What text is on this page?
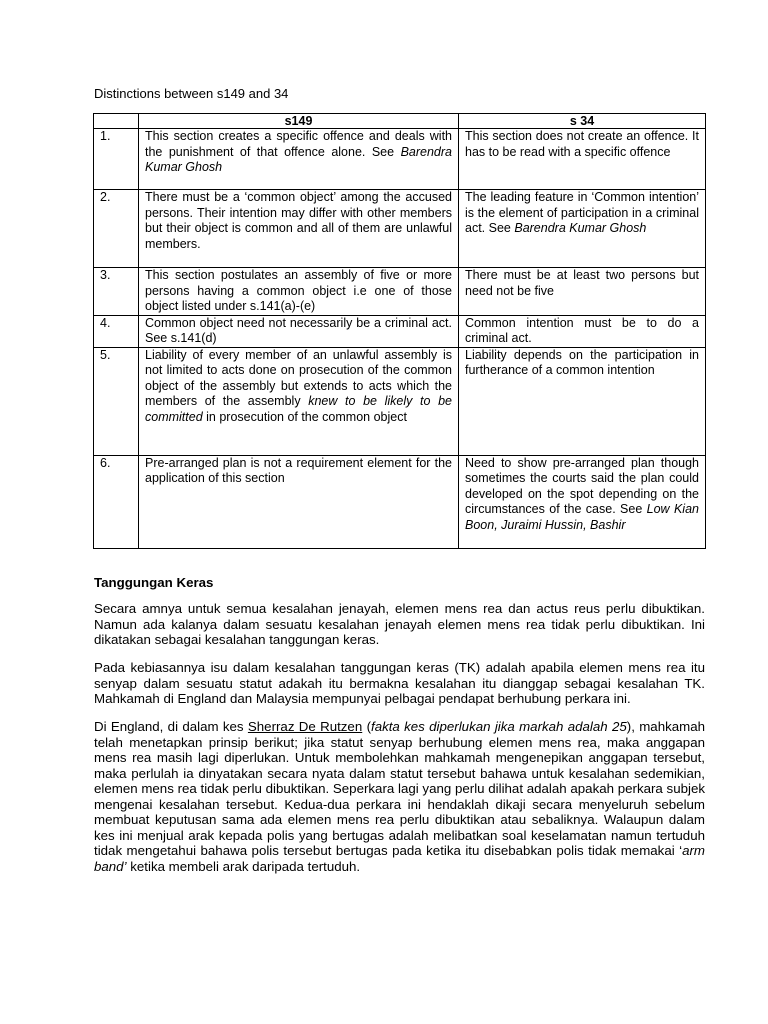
Distinctions between s149 and 34
	s149	s 34
1.	This section creates a specific offence and deals with the punishment of that offence alone. See Barendra Kumar Ghosh	This section does not create an offence. It has to be read with a specific offence
2.	There must be a ‘common object’ among the accused persons. Their intention may differ with other members but their object is common and all of them are unlawful members.	The leading feature in ‘Common intention’ is the element of participation in a criminal act. See Barendra Kumar Ghosh
3.	This section postulates an assembly of five or more persons having a common object i.e one of those object listed under s.141(a)-(e)	There must be at least two persons but need not be five
4.	Common object need not necessarily be a criminal act. See s.141(d)	Common intention must be to do a criminal act.
5.	Liability of every member of an unlawful assembly is not limited to acts done on prosecution of the common object of the assembly but extends to acts which the members of the assembly knew to be likely to be committed in prosecution of the common object	Liability depends on the participation in furtherance of a common intention
6.	Pre-arranged plan is not a requirement element for the application of this section	Need to show pre-arranged plan though sometimes the courts said the plan could developed on the spot depending on the circumstances of the case. See Low Kian Boon, Juraimi Hussin, Bashir
Tanggungan Keras
Secara amnya untuk semua kesalahan jenayah, elemen mens rea dan actus reus perlu dibuktikan. Namun ada kalanya dalam sesuatu kesalahan jenayah elemen mens rea tidak perlu dibuktikan. Ini dikatakan sebagai kesalahan tanggungan keras.
Pada kebiasannya isu dalam kesalahan tanggungan keras (TK) adalah apabila elemen mens rea itu senyap dalam sesuatu statut adakah itu bermakna kesalahan itu dianggap sebagai kesalahan TK. Mahkamah di England dan Malaysia mempunyai pelbagai pendapat berhubung perkara ini.
Di England, di dalam kes Sherraz De Rutzen (fakta kes diperlukan jika markah adalah 25), mahkamah telah menetapkan prinsip berikut; jika statut senyap berhubung elemen mens rea, maka anggapan mens rea masih lagi diperlukan. Untuk membolehkan mahkamah mengenepikan anggapan tersebut, maka perlulah ia dinyatakan secara nyata dalam statut tersebut bahawa untuk kesalahan sedemikian, elemen mens rea tidak perlu dibuktikan. Seperkara lagi yang perlu dilihat adalah apakah perkara subjek mengenai kesalahan tersebut. Kedua-dua perkara ini hendaklah dikaji secara menyeluruh sebelum membuat keputusan sama ada elemen mens rea perlu dibuktikan atau sebaliknya. Walaupun dalam kes ini menjual arak kepada polis yang bertugas adalah melibatkan soal keselamatan namun tertuduh tidak mengetahui bahawa polis tersebut bertugas pada ketika itu disebabkan polis tidak memakai ‘arm band’ ketika membeli arak daripada tertuduh.
